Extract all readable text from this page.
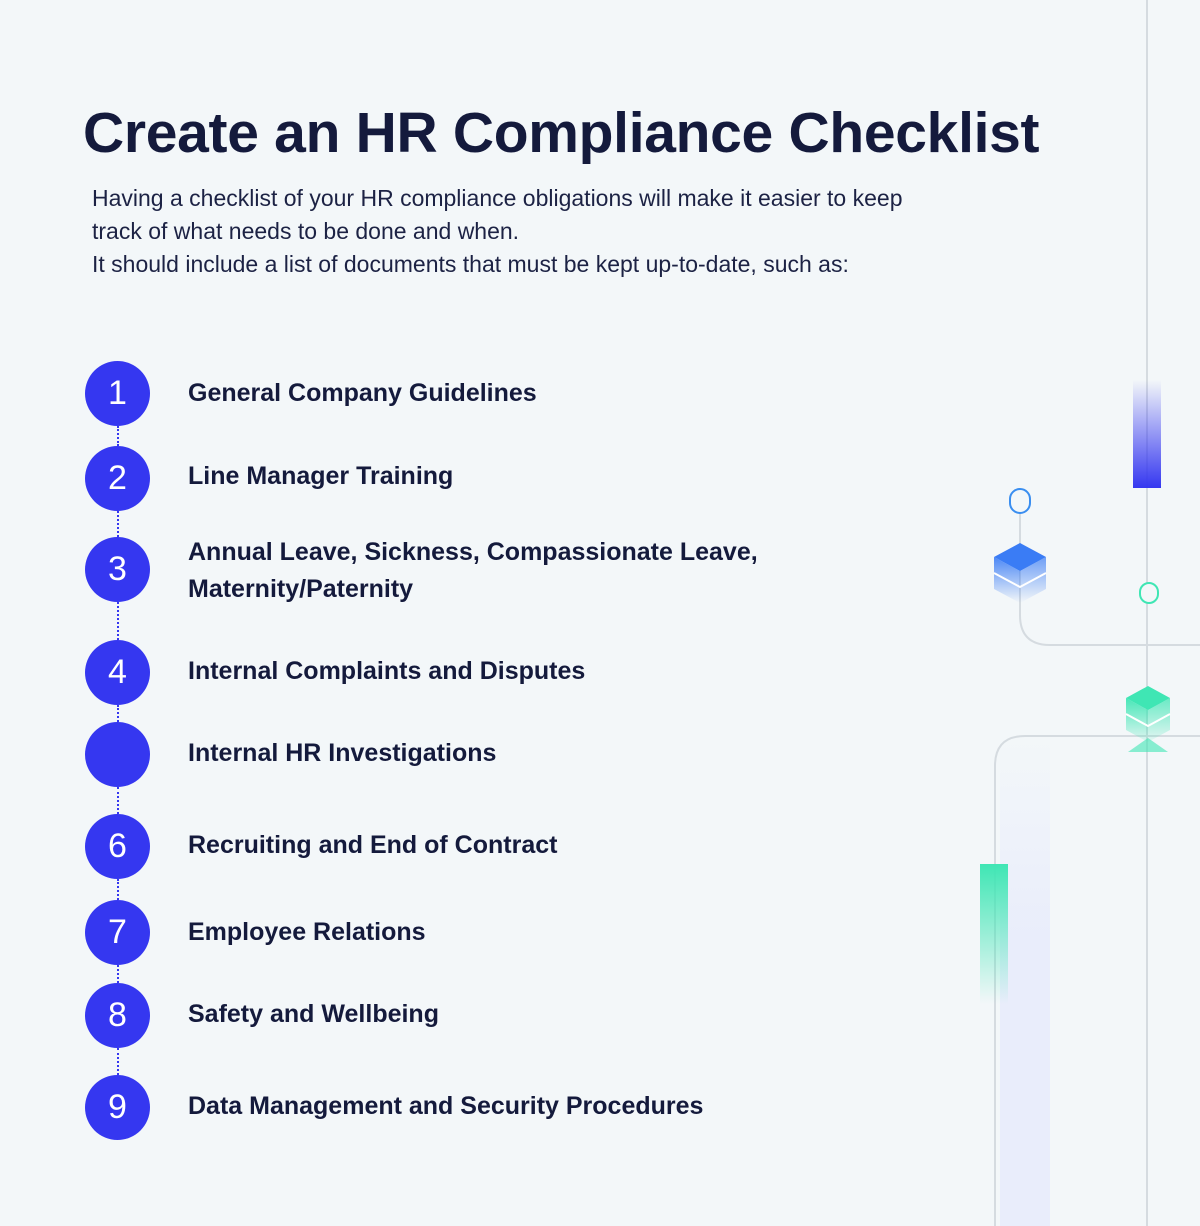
Create an HR Compliance Checklist

Having a checklist of your HR compliance obligations will make it easier to keep

track of what needs to be done and when.

It should include a list of documents that must be kept up-to-date, such as:

1
2
3
4
6
7
8
9
General Company Guidelines
Line Manager Training
Annual Leave, Sickness, Compassionate Leave,
Maternity/Paternity
Internal Complaints and Disputes
Internal HR Investigations
Recruiting and End of Contract
Employee Relations
Safety and Wellbeing
Data Management and Security Procedures
